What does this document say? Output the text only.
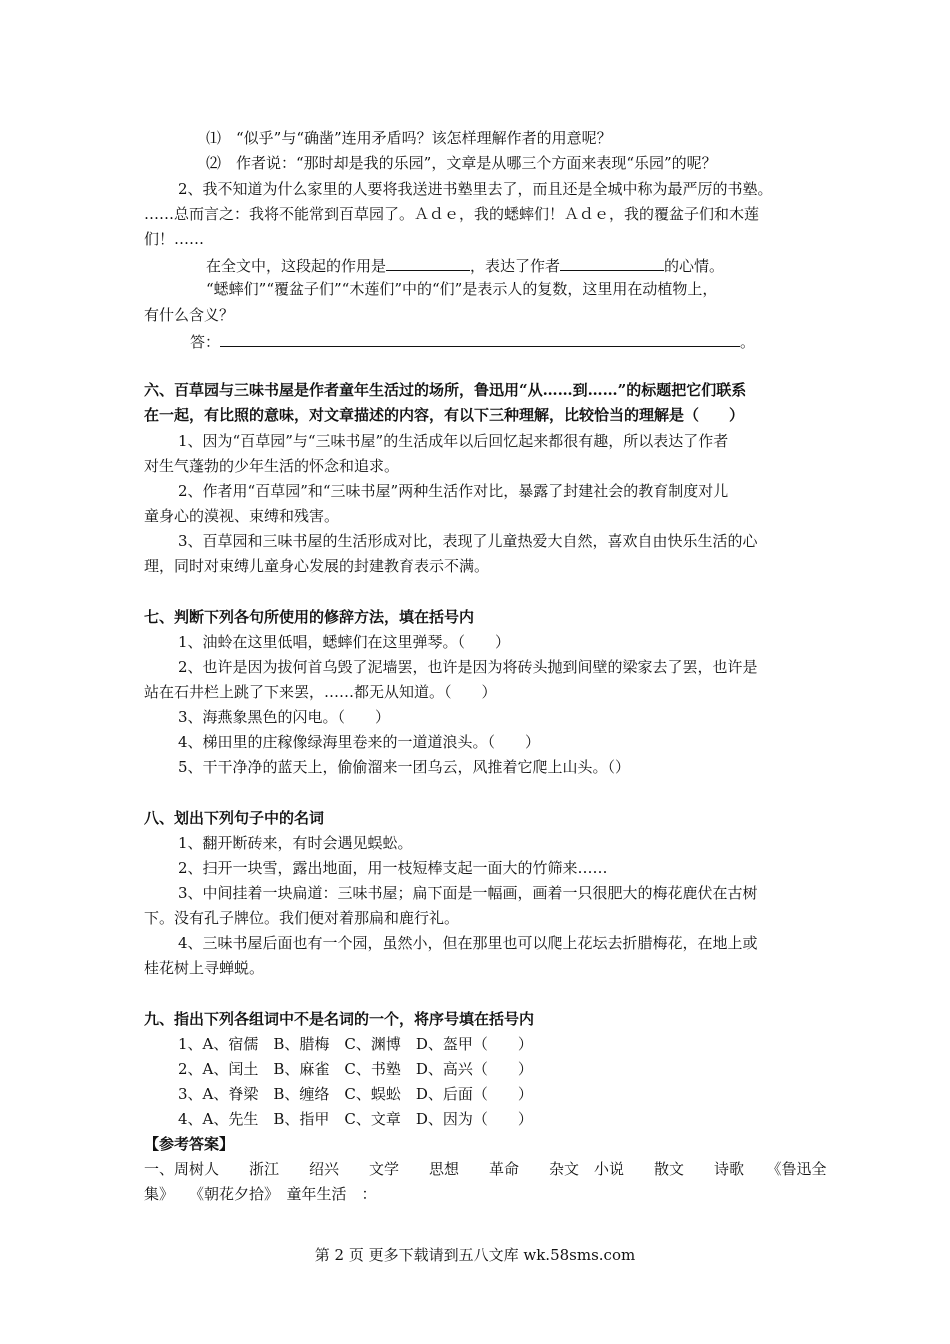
⑴　“似乎”与“确凿”连用矛盾吗？该怎样理解作者的用意呢？
⑵　作者说：“那时却是我的乐园”，文章是从哪三个方面来表现“乐园”的呢？
2、我不知道为什么家里的人要将我送进书塾里去了，而且还是全城中称为最严厉的书塾。
……总而言之：我将不能常到百草园了。Ａｄｅ，我的蟋蟀们！Ａｄｅ，我的覆盆子们和木莲
们！……
在全文中，这段起的作用是	，表达了作者	的心情。
“蟋蟀们”“覆盆子们”“木莲们”中的“们”是表示人的复数，这里用在动植物上，
有什么含义？
答：	。
六、百草园与三味书屋是作者童年生活过的场所，鲁迅用“从……到……”的标题把它们联系
在一起，有比照的意味，对文章描述的内容，有以下三种理解，比较恰当的理解是（　　）
1、因为“百草园”与“三味书屋”的生活成年以后回忆起来都很有趣，所以表达了作者
对生气蓬勃的少年生活的怀念和追求。
2、作者用“百草园”和“三味书屋”两种生活作对比，暴露了封建社会的教育制度对儿
童身心的漠视、束缚和残害。
3、百草园和三味书屋的生活形成对比，表现了儿童热爱大自然，喜欢自由快乐生活的心
理，同时对束缚儿童身心发展的封建教育表示不满。
七、判断下列各句所使用的修辞方法，填在括号内
1、油蛉在这里低唱，蟋蟀们在这里弹琴。（　　）
2、也许是因为拔何首乌毁了泥墙罢，也许是因为将砖头抛到间壁的梁家去了罢，也许是
站在石井栏上跳了下来罢，……都无从知道。（　　）
3、海燕象黑色的闪电。（　　）
4、梯田里的庄稼像绿海里卷来的一道道浪头。（　　）
5、干干净净的蓝天上，偷偷溜来一团乌云，风推着它爬上山头。（）
八、划出下列句子中的名词
1、翻开断砖来，有时会遇见蜈蚣。
2、扫开一块雪，露出地面，用一枝短棒支起一面大的竹筛来……
3、中间挂着一块扁道：三味书屋；扁下面是一幅画，画着一只很肥大的梅花鹿伏在古树
下。没有孔子牌位。我们便对着那扁和鹿行礼。
4、三味书屋后面也有一个园，虽然小，但在那里也可以爬上花坛去折腊梅花，在地上或
桂花树上寻蝉蜕。
九、指出下列各组词中不是名词的一个，将序号填在括号内
1、A、宿儒　B、腊梅　C、渊博　D、盔甲（　　）
2、A、闰土　B、麻雀　C、书塾　D、高兴（　　）
3、A、脊梁　B、缠络　C、蜈蚣　D、后面（　　）
4、A、先生　B、指甲　C、文章　D、因为（　　）
【参考答案】
一、周树人　　浙江　　绍兴　　文学　　思想　　革命　　杂文　小说　　散文　　诗歌　　《鲁迅全
集》　　《朝花夕拾》　童年生活　：
第 2 页 更多下载请到五八文库 wk.58sms.com
